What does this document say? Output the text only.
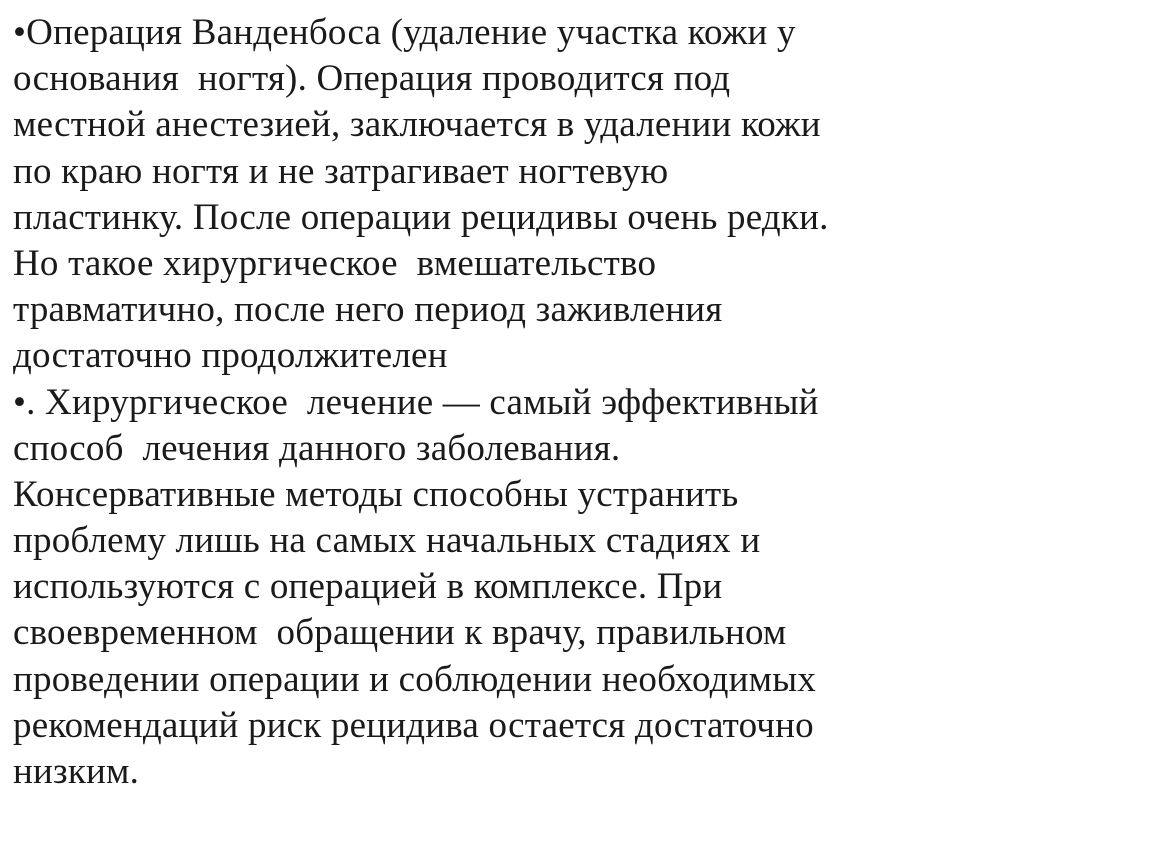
•Операция Ванденбоса (удаление участка кожи у
основания  ногтя). Операция проводится под
местной анестезией, заключается в удалении кожи
по краю ногтя и не затрагивает ногтевую
пластинку. После операции рецидивы очень редки.
Но такое хирургическое  вмешательство
травматично, после него период заживления
достаточно продолжителен
•. Хирургическое  лечение — самый эффективный
способ  лечения данного заболевания.
Консервативные методы способны устранить
проблему лишь на самых начальных стадиях и
используются с операцией в комплексе. При
своевременном  обращении к врачу, правильном
проведении операции и соблюдении необходимых
рекомендаций риск рецидива остается достаточно
низким.
